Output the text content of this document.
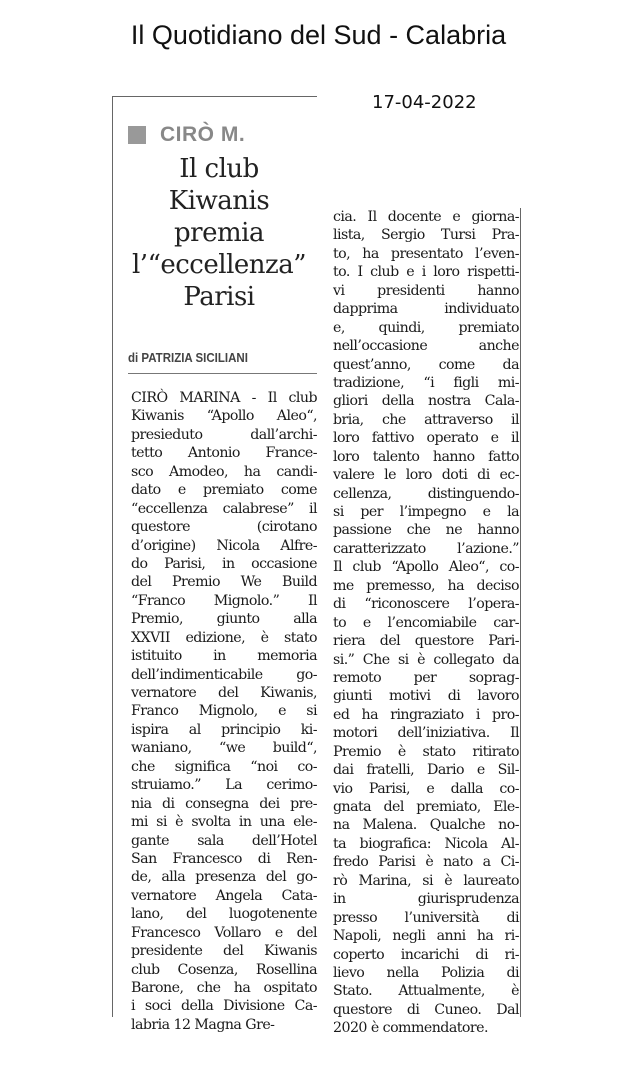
Il Quotidiano del Sud - Calabria
17-04-2022
CIRÒ M.
Il club
Kiwanis
premia
l’“eccellenza”
Parisi
di PATRIZIA SICILIANI
CIRÒ MARINA - Il club
Kiwanis “Apollo Aleo“,
presieduto dall’archi-
tetto Antonio France-
sco Amodeo, ha candi-
dato e premiato come
“eccellenza calabrese” il
questore (cirotano
d’origine) Nicola Alfre-
do Parisi, in occasione
del Premio We Build
“Franco Mignolo.” Il
Premio, giunto alla
XXVII edizione, è stato
istituito in memoria
dell’indimenticabile go-
vernatore del Kiwanis,
Franco Mignolo, e si
ispira al principio ki-
waniano, “we build“,
che significa “noi co-
struiamo.” La cerimo-
nia di consegna dei pre-
mi si è svolta in una ele-
gante sala dell’Hotel
San Francesco di Ren-
de, alla presenza del go-
vernatore Angela Cata-
lano, del luogotenente
Francesco Vollaro e del
presidente del Kiwanis
club Cosenza, Rosellina
Barone, che ha ospitato
i soci della Divisione Ca-
labria 12 Magna Gre-
cia. Il docente e giorna-
lista, Sergio Tursi Pra-
to, ha presentato l’even-
to. I club e i loro rispetti-
vi presidenti hanno
dapprima individuato
e, quindi, premiato
nell’occasione anche
quest’anno, come da
tradizione, “i figli mi-
gliori della nostra Cala-
bria, che attraverso il
loro fattivo operato e il
loro talento hanno fatto
valere le loro doti di ec-
cellenza, distinguendo-
si per l’impegno e la
passione che ne hanno
caratterizzato l’azione.”
Il club “Apollo Aleo“, co-
me premesso, ha deciso
di “riconoscere l’opera-
to e l’encomiabile car-
riera del questore Pari-
si.” Che si è collegato da
remoto per soprag-
giunti motivi di lavoro
ed ha ringraziato i pro-
motori dell’iniziativa. Il
Premio è stato ritirato
dai fratelli, Dario e Sil-
vio Parisi, e dalla co-
gnata del premiato, Ele-
na Malena. Qualche no-
ta biografica: Nicola Al-
fredo Parisi è nato a Ci-
rò Marina, si è laureato
in giurisprudenza
presso l’università di
Napoli, negli anni ha ri-
coperto incarichi di ri-
lievo nella Polizia di
Stato. Attualmente, è
questore di Cuneo. Dal
2020 è commendatore.
